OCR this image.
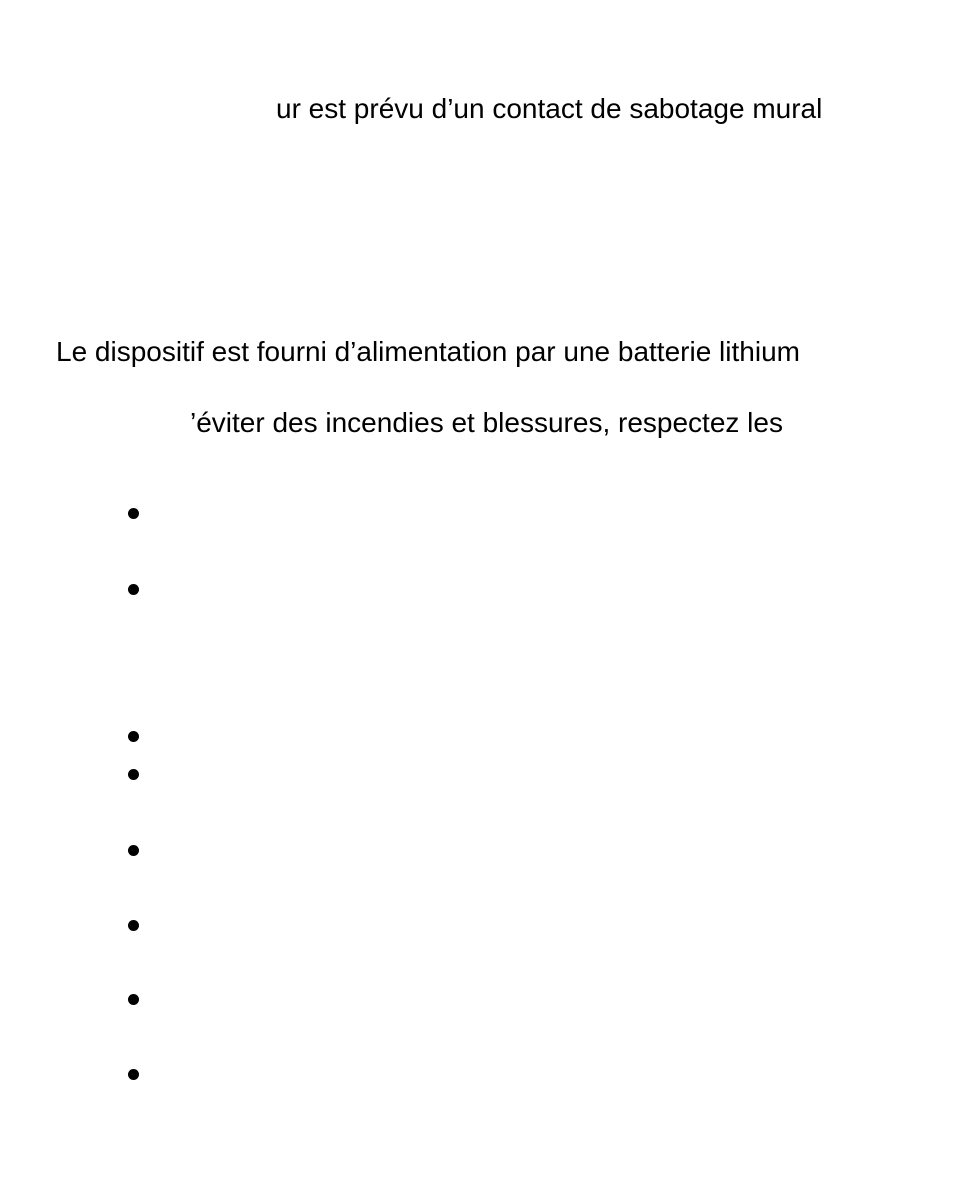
ur est prévu d’un contact de sabotage mural
Le dispositif est fourni d’alimentation par une batterie lithium
’éviter des incendies et blessures, respectez les
